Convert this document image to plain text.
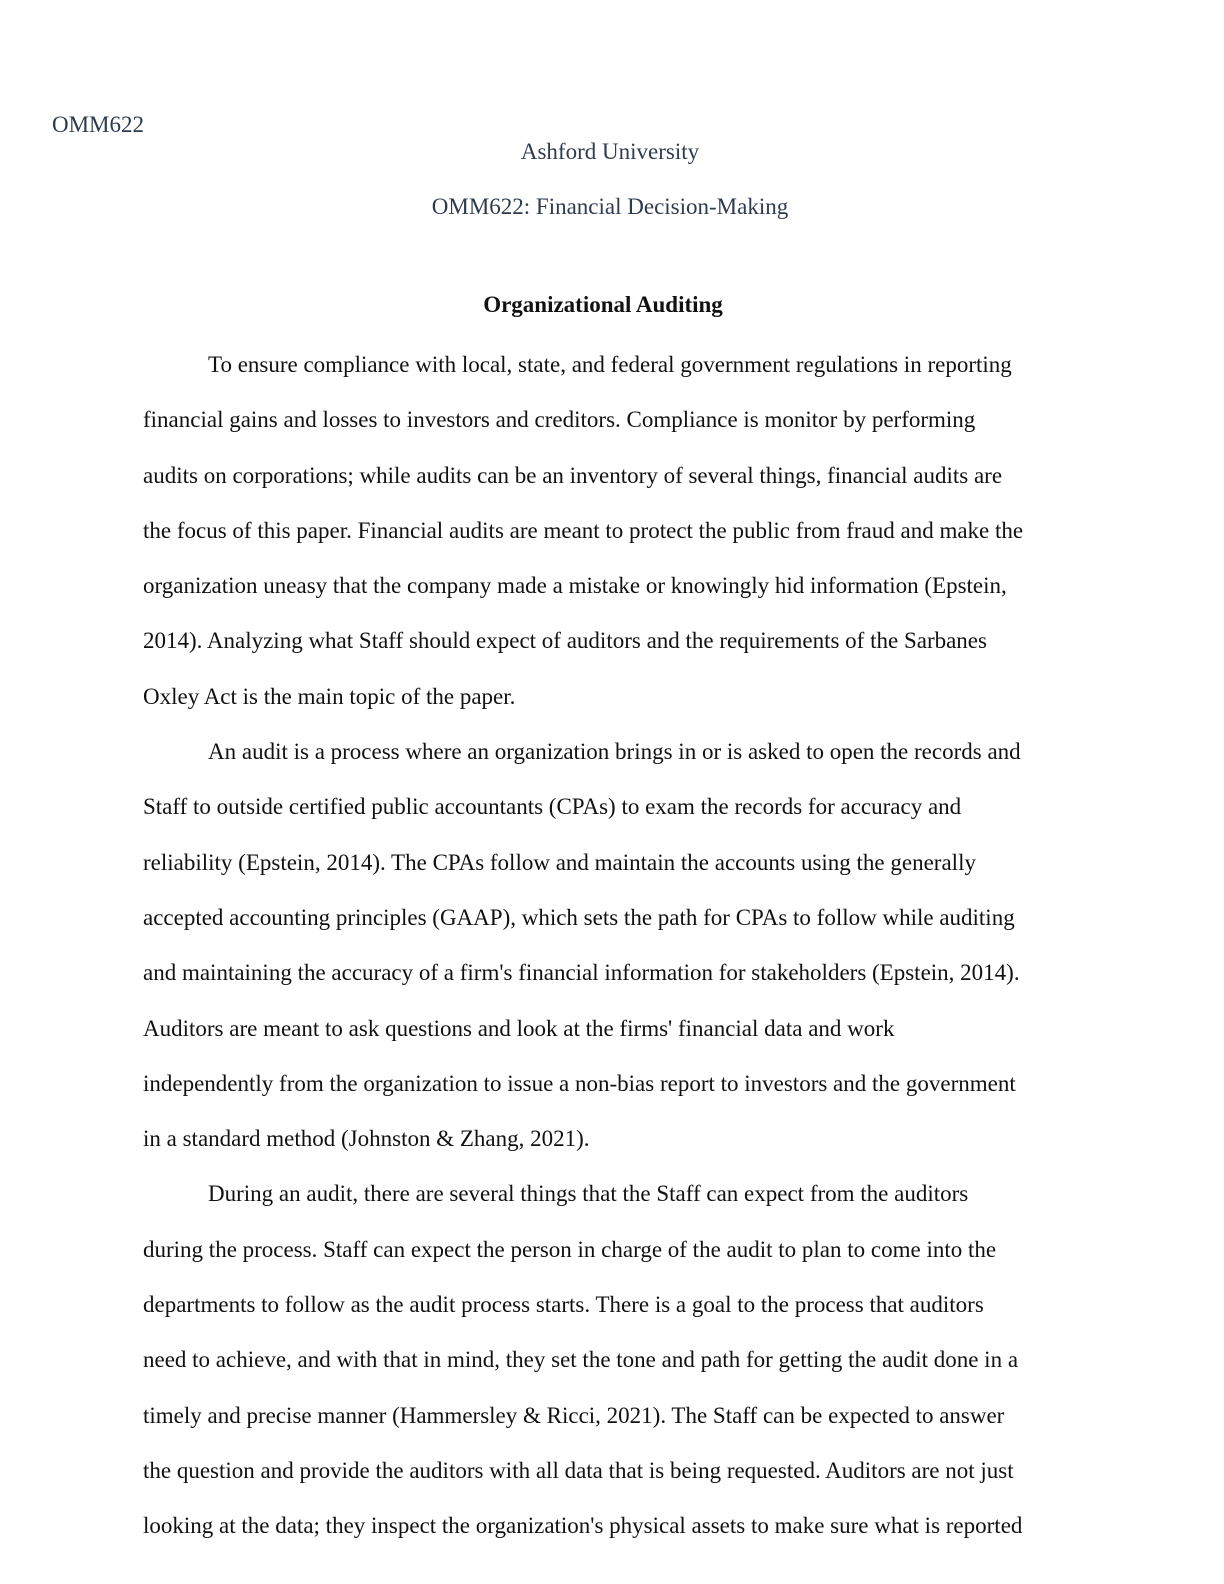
OMM622
Ashford University
OMM622: Financial Decision-Making
Organizational Auditing
To ensure compliance with local, state, and federal government regulations in reporting
financial gains and losses to investors and creditors. Compliance is monitor by performing
audits on corporations; while audits can be an inventory of several things, financial audits are
the focus of this paper. Financial audits are meant to protect the public from fraud and make the
organization uneasy that the company made a mistake or knowingly hid information (Epstein,
2014). Analyzing what Staff should expect of auditors and the requirements of the Sarbanes
Oxley Act is the main topic of the paper.
An audit is a process where an organization brings in or is asked to open the records and
Staff to outside certified public accountants (CPAs) to exam the records for accuracy and
reliability (Epstein, 2014). The CPAs follow and maintain the accounts using the generally
accepted accounting principles (GAAP), which sets the path for CPAs to follow while auditing
and maintaining the accuracy of a firm's financial information for stakeholders (Epstein, 2014).
Auditors are meant to ask questions and look at the firms' financial data and work
independently from the organization to issue a non-bias report to investors and the government
in a standard method (Johnston & Zhang, 2021).
During an audit, there are several things that the Staff can expect from the auditors
during the process. Staff can expect the person in charge of the audit to plan to come into the
departments to follow as the audit process starts. There is a goal to the process that auditors
need to achieve, and with that in mind, they set the tone and path for getting the audit done in a
timely and precise manner (Hammersley & Ricci, 2021). The Staff can be expected to answer
the question and provide the auditors with all data that is being requested. Auditors are not just
looking at the data; they inspect the organization's physical assets to make sure what is reported
